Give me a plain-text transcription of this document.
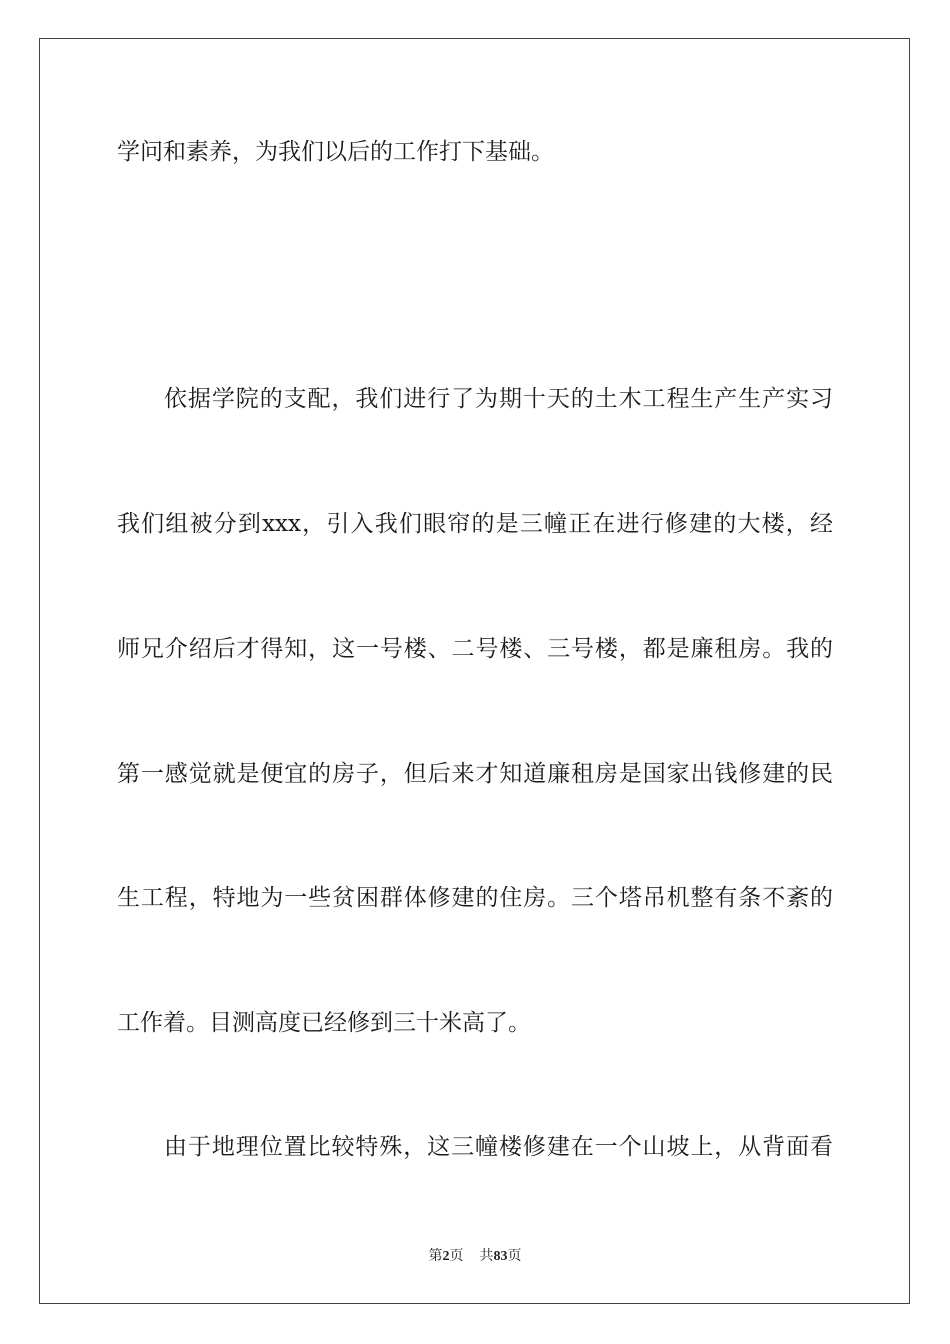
学问和素养，为我们以后的工作打下基础。
依据学院的支配，我们进行了为期十天的土木工程生产生产实习
我们组被分到xxx，引入我们眼帘的是三幢正在进行修建的大楼，经
师兄介绍后才得知，这一号楼、二号楼、三号楼，都是廉租房。我的
第一感觉就是便宜的房子，但后来才知道廉租房是国家出钱修建的民
生工程，特地为一些贫困群体修建的住房。三个塔吊机整有条不紊的
工作着。目测高度已经修到三十米高了。
由于地理位置比较特殊，这三幢楼修建在一个山坡上，从背面看
第2页 共83页
